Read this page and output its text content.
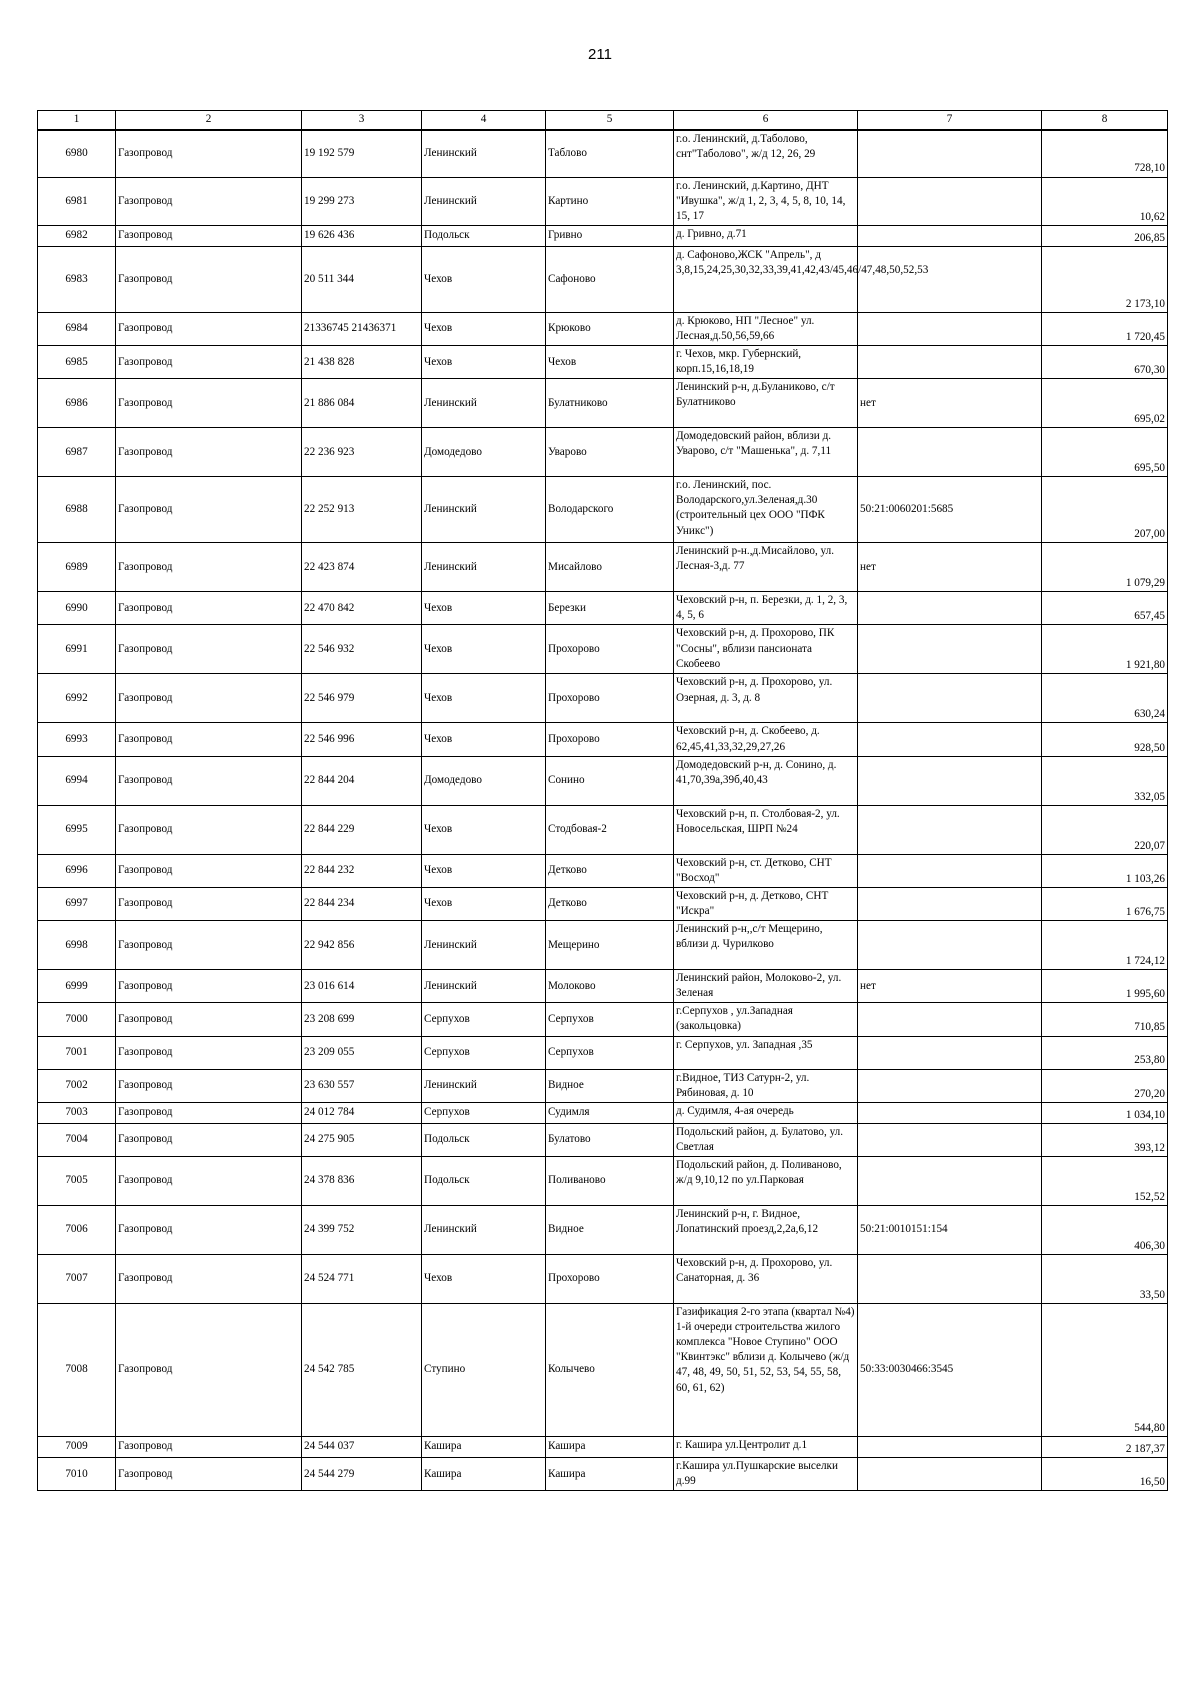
211
1	2	3	4	5	6	7	8
6980	Газопровод	19 192 579	Ленинский	Таблово	г.о. Ленинский, д.Таболово, снт"Таболово", ж/д 12, 26, 29		728,10
6981	Газопровод	19 299 273	Ленинский	Картино	г.о. Ленинский, д.Картино, ДНТ "Ивушка", ж/д 1, 2, 3, 4, 5, 8, 10, 14, 15, 17		10,62
6982	Газопровод	19 626 436	Подольск	Гривно	д. Гривно, д.71		206,85
6983	Газопровод	20 511 344	Чехов	Сафоново	д. Сафоново,ЖСК "Апрель", д 3,8,15,24,25,30,32,33,39,41,42,43/45,46/47,48,50,52,53		2 173,10
6984	Газопровод	21336745 21436371	Чехов	Крюково	д. Крюково, НП "Лесное" ул. Лесная,д.50,56,59,66		1 720,45
6985	Газопровод	21 438 828	Чехов	Чехов	г. Чехов, мкр. Губернский, корп.15,16,18,19		670,30
6986	Газопровод	21 886 084	Ленинский	Булатниково	Ленинский р-н, д.Буланиково, с/т Булатниково	нет	695,02
6987	Газопровод	22 236 923	Домодедово	Уварово	Домодедовский район, вблизи д. Уварово, с/т "Машенька", д. 7,11		695,50
6988	Газопровод	22 252 913	Ленинский	Володарского	г.о. Ленинский, пос. Володарского,ул.Зеленая,д.30 (строительный цех ООО "ПФК Уникс")	50:21:0060201:5685	207,00
6989	Газопровод	22 423 874	Ленинский	Мисайлово	Ленинский р-н.,д.Мисайлово, ул. Лесная-3,д. 77	нет	1 079,29
6990	Газопровод	22 470 842	Чехов	Березки	Чеховский р-н, п. Березки, д. 1, 2, 3, 4, 5, 6		657,45
6991	Газопровод	22 546 932	Чехов	Прохорово	Чеховский р-н, д. Прохорово, ПК "Сосны", вблизи пансионата Скобеево		1 921,80
6992	Газопровод	22 546 979	Чехов	Прохорово	Чеховский р-н, д. Прохорово, ул. Озерная, д. 3, д. 8		630,24
6993	Газопровод	22 546 996	Чехов	Прохорово	Чеховский р-н, д. Скобеево, д. 62,45,41,33,32,29,27,26		928,50
6994	Газопровод	22 844 204	Домодедово	Сонино	Домодедовский р-н, д. Сонино, д. 41,70,39а,39б,40,43		332,05
6995	Газопровод	22 844 229	Чехов	Стодбовая-2	Чеховский р-н, п. Столбовая-2, ул. Новосельская, ШРП №24		220,07
6996	Газопровод	22 844 232	Чехов	Детково	Чеховский р-н, ст. Детково, СНТ "Восход"		1 103,26
6997	Газопровод	22 844 234	Чехов	Детково	Чеховский р-н, д. Детково, СНТ "Искра"		1 676,75
6998	Газопровод	22 942 856	Ленинский	Мещерино	Ленинский р-н,,с/т Мещерино, вблизи д. Чурилково		1 724,12
6999	Газопровод	23 016 614	Ленинский	Молоково	Ленинский район, Молоково-2, ул. Зеленая	нет	1 995,60
7000	Газопровод	23 208 699	Серпухов	Серпухов	г.Серпухов , ул.Западная (закольцовка)		710,85
7001	Газопровод	23 209 055	Серпухов	Серпухов	г. Серпухов, ул. Западная ,35		253,80
7002	Газопровод	23 630 557	Ленинский	Видное	г.Видное, ТИЗ Сатурн-2, ул. Рябиновая, д. 10		270,20
7003	Газопровод	24 012 784	Серпухов	Судимля	д. Судимля, 4-ая очередь		1 034,10
7004	Газопровод	24 275 905	Подольск	Булатово	Подольский район, д. Булатово, ул. Светлая		393,12
7005	Газопровод	24 378 836	Подольск	Поливаново	Подольский район, д. Поливаново, ж/д 9,10,12 по ул.Парковая		152,52
7006	Газопровод	24 399 752	Ленинский	Видное	Ленинский р-н, г. Видное, Лопатинский проезд,2,2а,6,12	50:21:0010151:154	406,30
7007	Газопровод	24 524 771	Чехов	Прохорово	Чеховский р-н, д. Прохорово, ул. Санаторная, д. 36		33,50
7008	Газопровод	24 542 785	Ступино	Колычево	Газификация 2-го этапа (квартал №4) 1-й очереди строительства жилого комплекса "Новое Ступино" ООО "Квинтэкс" вблизи д. Колычево (ж/д 47, 48, 49, 50, 51, 52, 53, 54, 55, 58, 60, 61, 62)	50:33:0030466:3545	544,80
7009	Газопровод	24 544 037	Кашира	Кашира	г. Кашира ул.Центролит д.1		2 187,37
7010	Газопровод	24 544 279	Кашира	Кашира	г.Кашира ул.Пушкарские выселки д.99		16,50
